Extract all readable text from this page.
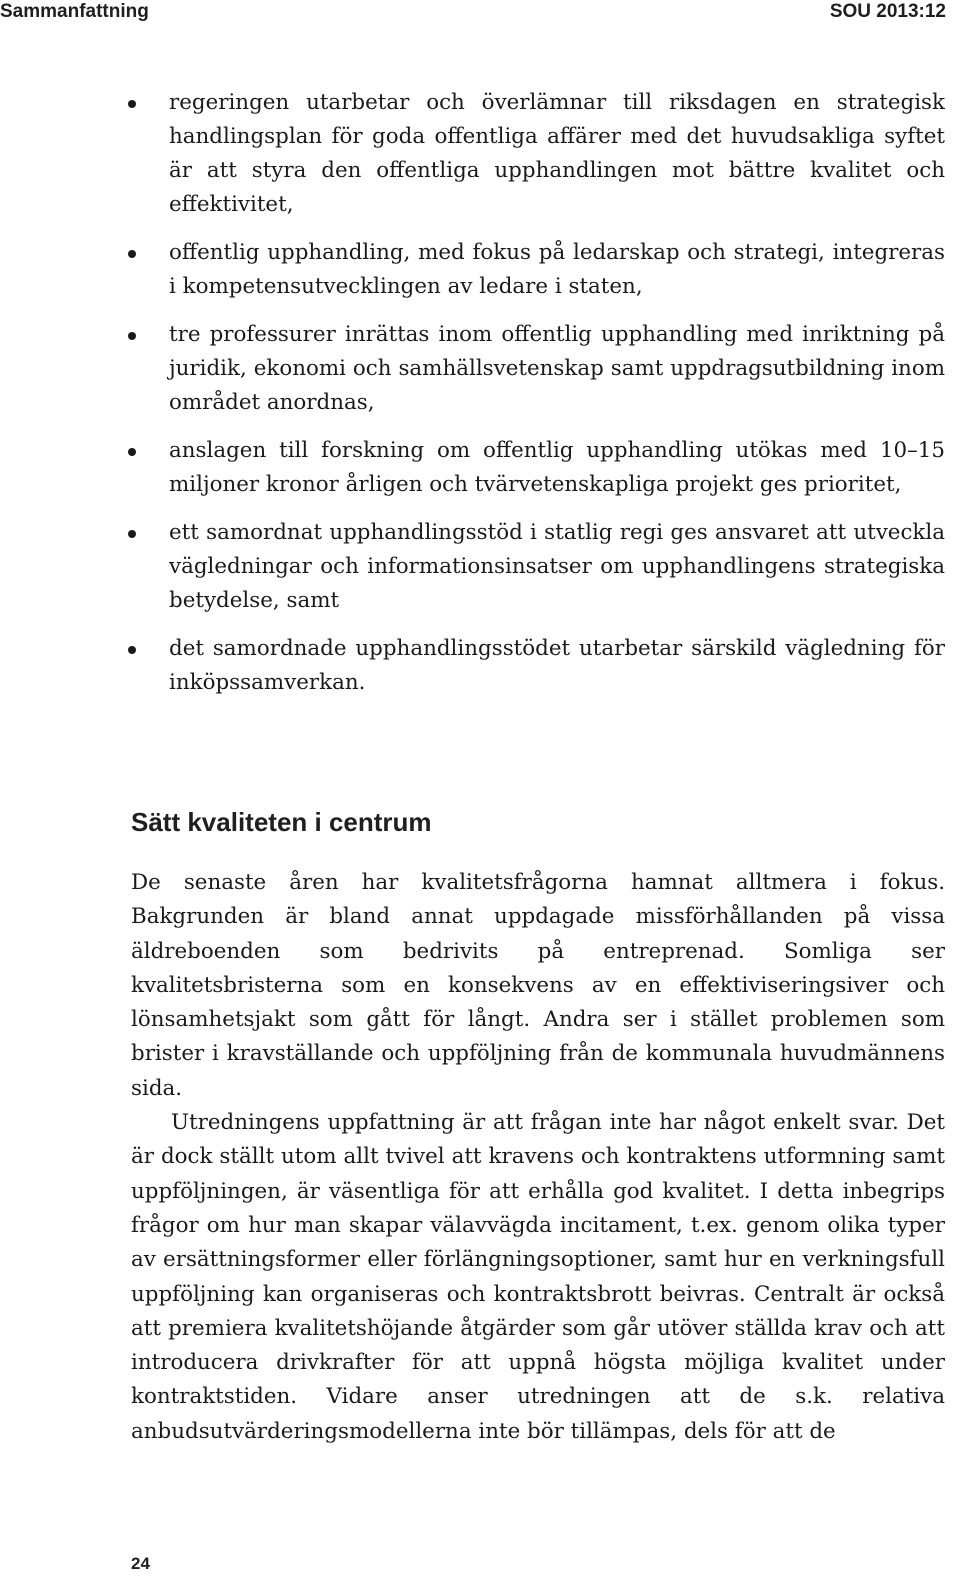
Sammanfattning	SOU 2013:12
regeringen utarbetar och överlämnar till riksdagen en strategisk handlingsplan för goda offentliga affärer med det huvudsakliga syftet är att styra den offentliga upphandlingen mot bättre kvalitet och effektivitet,
offentlig upphandling, med fokus på ledarskap och strategi, integreras i kompetensutvecklingen av ledare i staten,
tre professurer inrättas inom offentlig upphandling med inriktning på juridik, ekonomi och samhällsvetenskap samt uppdragsutbildning inom området anordnas,
anslagen till forskning om offentlig upphandling utökas med 10–15 miljoner kronor årligen och tvärvetenskapliga projekt ges prioritet,
ett samordnat upphandlingsstöd i statlig regi ges ansvaret att utveckla vägledningar och informationsinsatser om upphandlingens strategiska betydelse, samt
det samordnade upphandlingsstödet utarbetar särskild vägledning för inköpssamverkan.
Sätt kvaliteten i centrum

De senaste åren har kvalitetsfrågorna hamnat alltmera i fokus. Bakgrunden är bland annat uppdagade missförhållanden på vissa äldreboenden som bedrivits på entreprenad. Somliga ser kvalitetsbristerna som en konsekvens av en effektiviseringsiver och lönsamhetsjakt som gått för långt. Andra ser i stället problemen som brister i kravställande och uppföljning från de kommunala huvudmännens sida.

Utredningens uppfattning är att frågan inte har något enkelt svar. Det är dock ställt utom allt tvivel att kravens och kontraktens utformning samt uppföljningen, är väsentliga för att erhålla god kvalitet. I detta inbegrips frågor om hur man skapar välavvägda incitament, t.ex. genom olika typer av ersättningsformer eller förlängningsoptioner, samt hur en verkningsfull uppföljning kan organiseras och kontraktsbrott beivras. Centralt är också att premiera kvalitetshöjande åtgärder som går utöver ställda krav och att introducera drivkrafter för att uppnå högsta möjliga kvalitet under kontraktstiden. Vidare anser utredningen att de s.k. relativa anbudsutvärderingsmodellerna inte bör tillämpas, dels för att de

24
